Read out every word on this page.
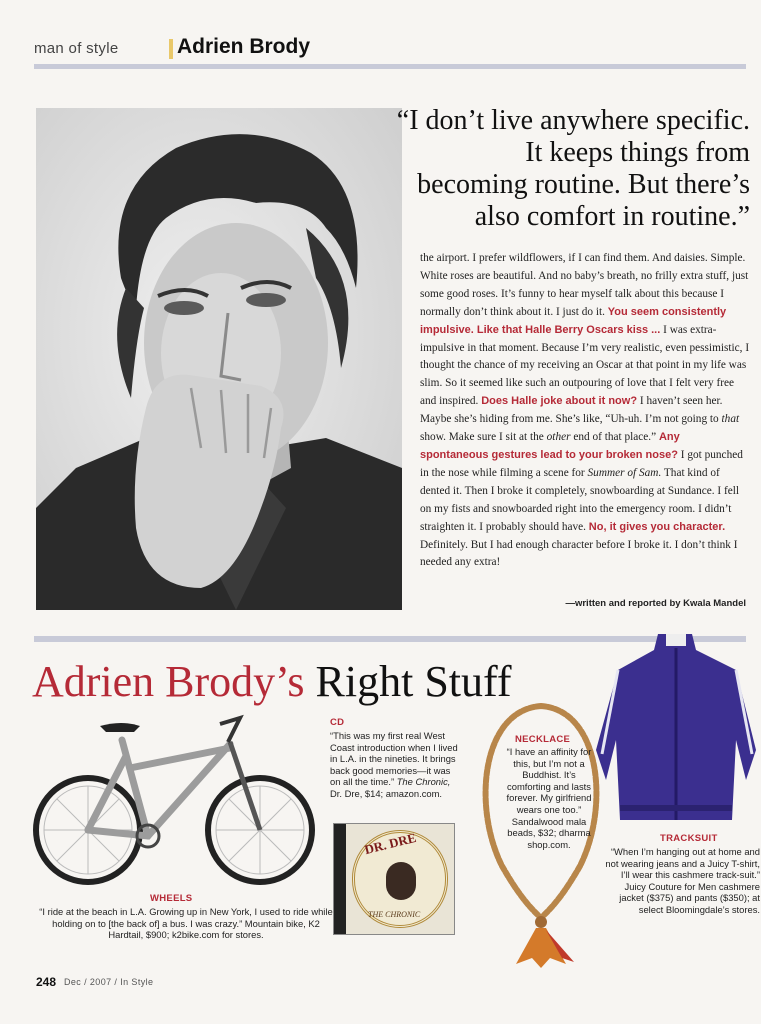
man of style	Adrien Brody
“I don’t live anywhere specific.
It keeps things from
becoming routine. But there’s
also comfort in routine.”

the airport. I prefer wildflowers, if I can find them. And daisies. Simple. White roses are beautiful. And no baby’s breath, no frilly extra stuff, just some good roses. It’s funny to hear myself talk about this because I normally don’t think about it. I just do it. You seem consistently impulsive. Like that Halle Berry Oscars kiss ... I was extra-impulsive in that moment. Because I’m very realistic, even pessimistic, I thought the chance of my receiving an Oscar at that point in my life was slim. So it seemed like such an outpouring of love that I felt very free and inspired. Does Halle joke about it now? I haven’t seen her. Maybe she’s hiding from me. She’s like, “Uh-uh. I’m not going to that show. Make sure I sit at the other end of that place.” Any spontaneous gestures lead to your broken nose? I got punched in the nose while filming a scene for Summer of Sam. That kind of dented it. Then I broke it completely, snowboarding at Sundance. I fell on my fists and snowboarded right into the emergency room. I didn’t straighten it. I probably should have. No, it gives you character. Definitely. But I had enough character before I broke it. I don’t think I needed any extra!

—written and reported by Kwala Mandel
Adrien Brody’s Right Stuff
WHEELS
“I ride at the beach in L.A. Growing up in New York, I used to ride while holding on to [the back of] a bus. I was crazy.” Mountain bike, K2 Hardtail, $900; k2bike.com for stores.
CD
“This was my first real West Coast introduction when I lived in L.A. in the nineties. It brings back good memories—it was on all the time.” The Chronic, Dr. Dre, $14; amazon.com.
DR. DRE
THE CHRONIC
NECKLACE
“I have an affinity for this, but I’m not a Buddhist. It’s comforting and lasts forever. My girlfriend wears one too.” Sandalwood mala beads, $32; dharma shop.com.
TRACKSUIT
“When I’m hanging out at home and not wearing jeans and a Juicy T-shirt, I’ll wear this cashmere track-suit.” Juicy Couture for Men cashmere jacket ($375) and pants ($350); at select Bloomingdale’s stores.
248 Dec / 2007 / In Style
